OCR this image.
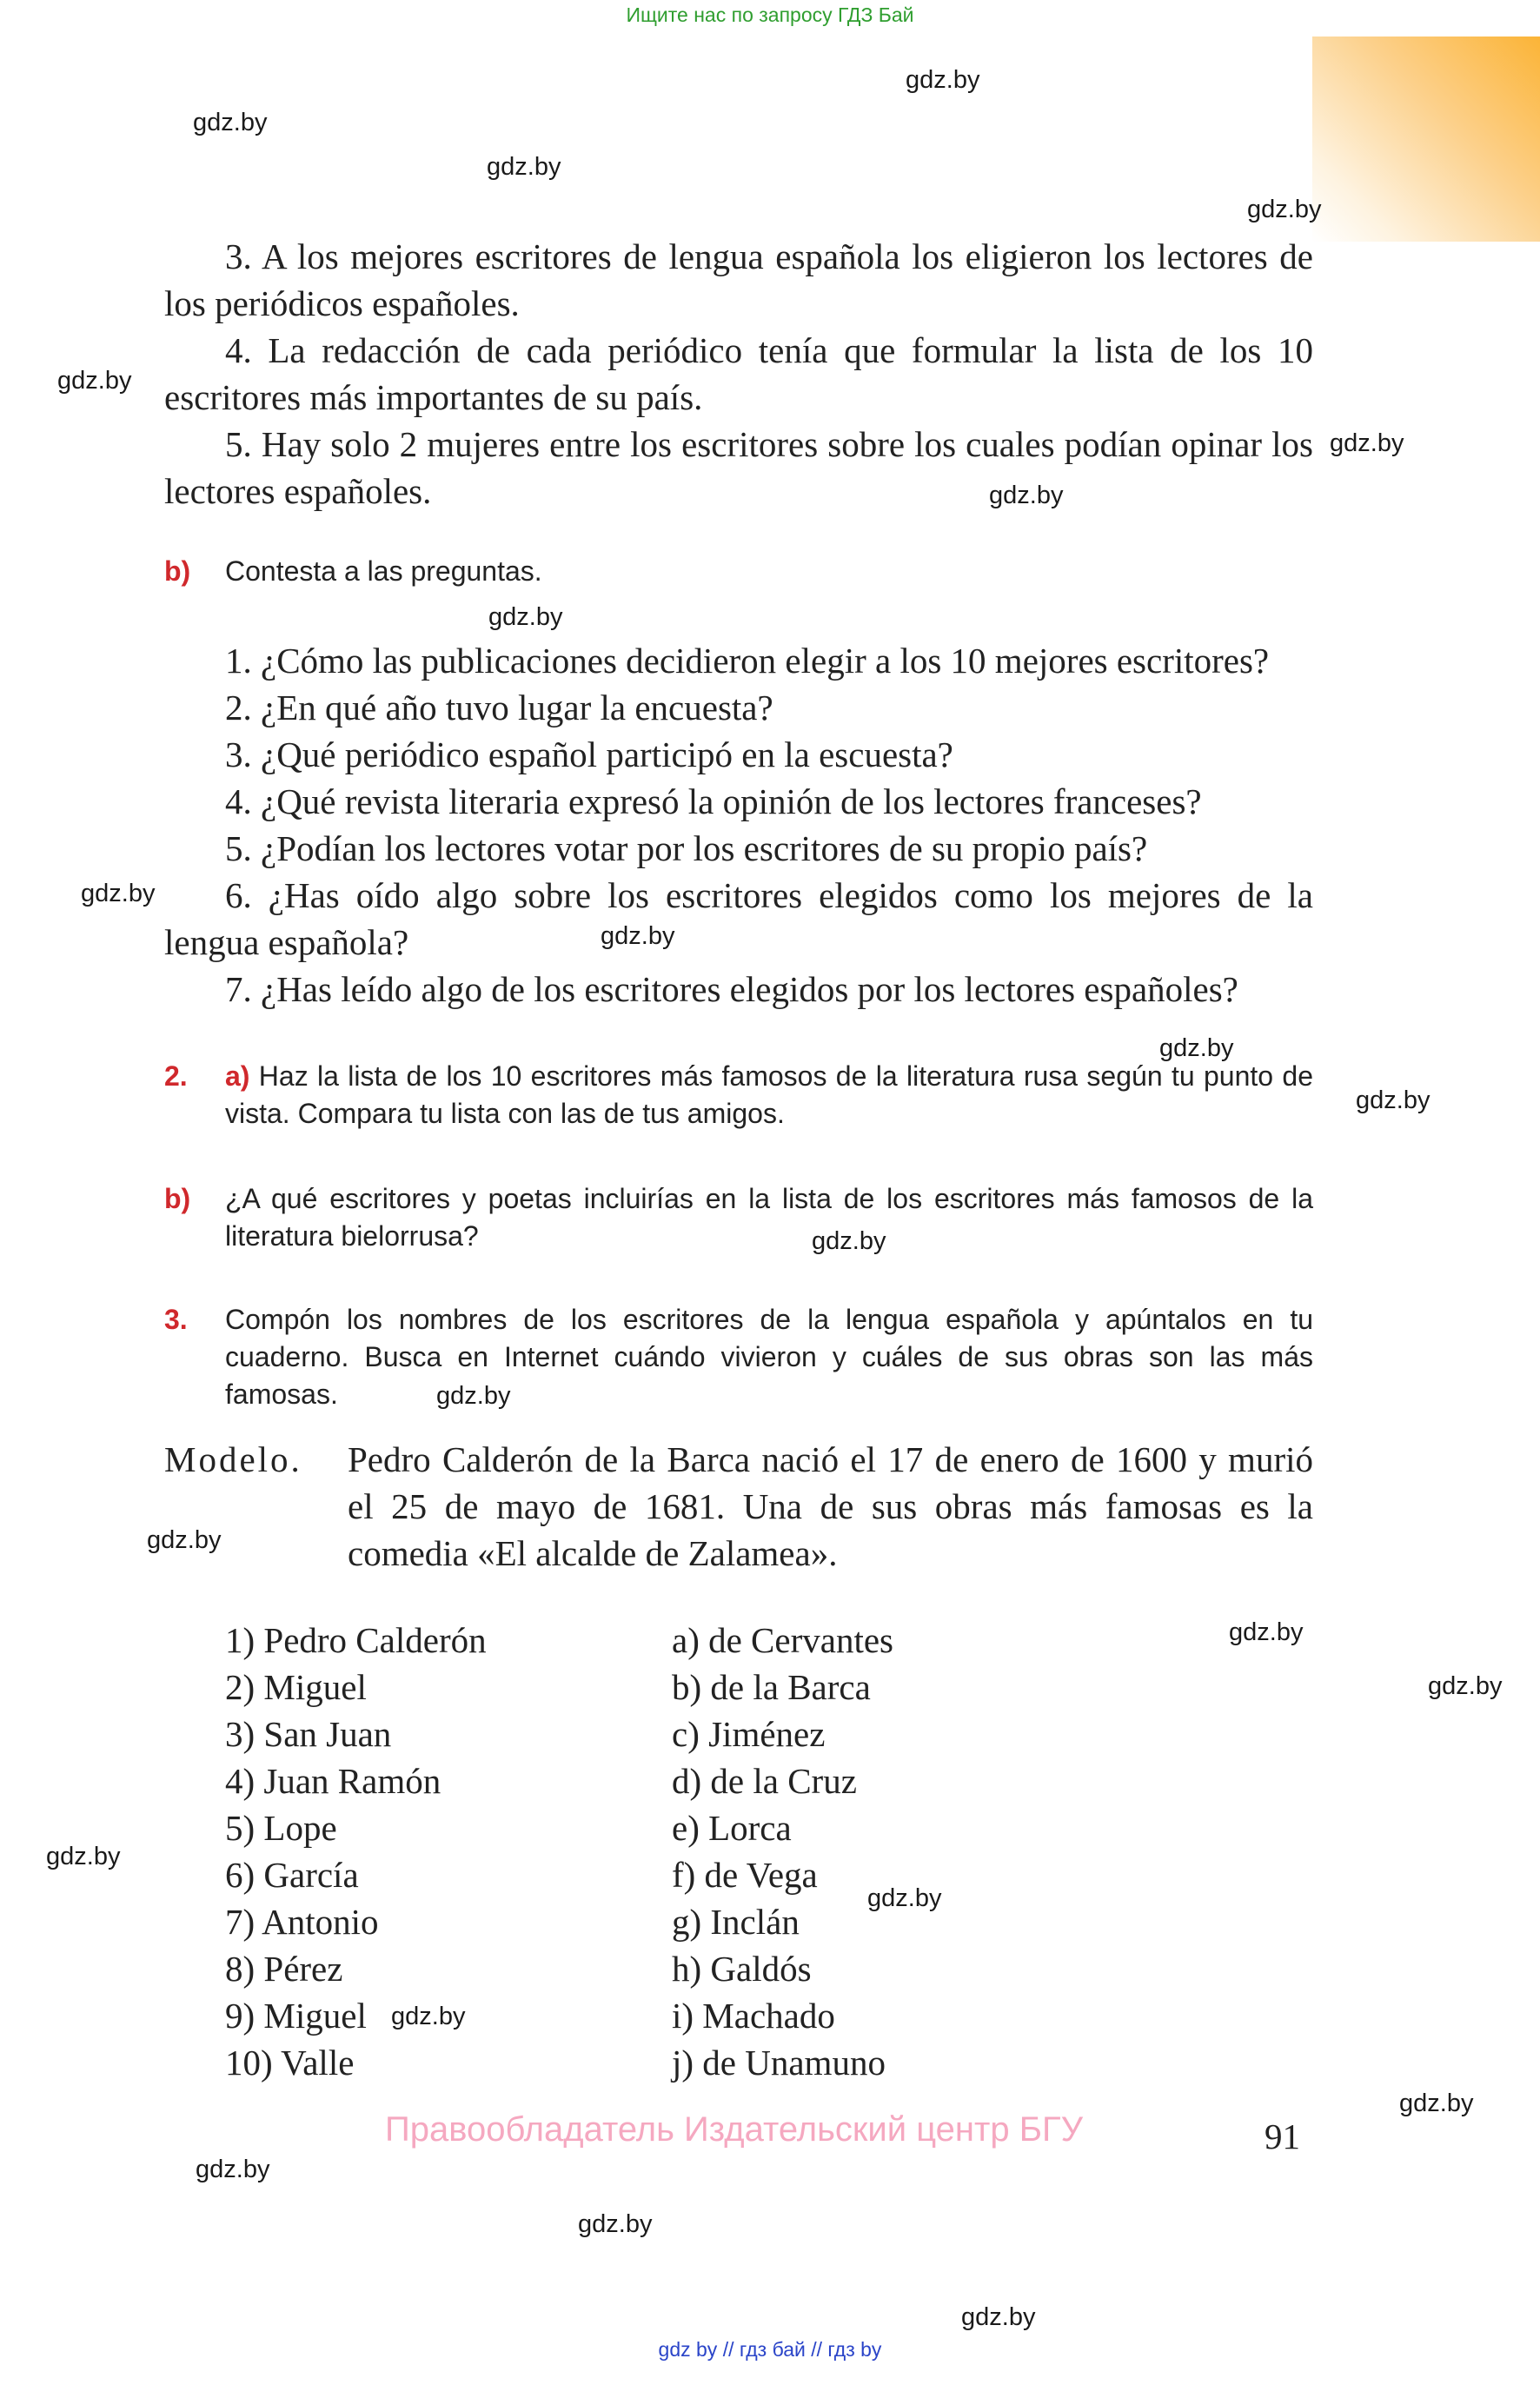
Ищите нас по запросу ГДЗ Бай
gdz.by
gdz.by
gdz.by
gdz.by
gdz.by
gdz.by
gdz.by
gdz.by
gdz.by
gdz.by
gdz.by
gdz.by
gdz.by
gdz.by
gdz.by
gdz.by
gdz.by
gdz.by
gdz.by
gdz.by
gdz.by
gdz.by
gdz.by
gdz.by

3. A los mejores escritores de lengua española los eligieron los lectores de los periódicos españoles.

4. La redacción de cada periódico tenía que formular la lista de los 10 escritores más importantes de su país.

5. Hay solo 2 mujeres entre los escritores sobre los cuales podían opinar los lectores españoles.

b) Contesta a las preguntas.
1. ¿Cómo las publicaciones decidieron elegir a los 10 mejores escritores?
2. ¿En qué año tuvo lugar la encuesta?
3. ¿Qué periódico español participó en la escuesta?
4. ¿Qué revista literaria expresó la opinión de los lectores franceses?
5. ¿Podían los lectores votar por los escritores de su propio país?

6. ¿Has oído algo sobre los escritores elegidos como los mejores de la lengua española?

7. ¿Has leído algo de los escritores elegidos por los lectores españoles?
2. a) Haz la lista de los 10 escritores más famosos de la literatura rusa según tu punto de vista. Compara tu lista con las de tus amigos.

b) ¿A qué escritores y poetas incluirías en la lista de los escritores más famosos de la literatura bielorrusa?

3. Compón los nombres de los escritores de la lengua española y apúntalos en tu cuaderno. Busca en Internet cuándo vivieron y cuáles de sus obras son las más famosas.

Modelo. Pedro Calderón de la Barca nació el 17 de enero de 1600 y murió el 25 de mayo de 1681. Una de sus obras más famosas es la comedia «El alcalde de Zalamea».

1) Pedro Calderón
2) Miguel
3) San Juan
4) Juan Ramón
5) Lope
6) García
7) Antonio
8) Pérez
9) Miguel
10) Valle
a) de Cervantes
b) de la Barca
c) Jiménez
d) de la Cruz
e) Lorca
f) de Vega
g) Inclán
h) Galdós
i) Machado
j) de Unamuno
Правообладатель Издательский центр БГУ	91
gdz by // гдз бай // гдз by
